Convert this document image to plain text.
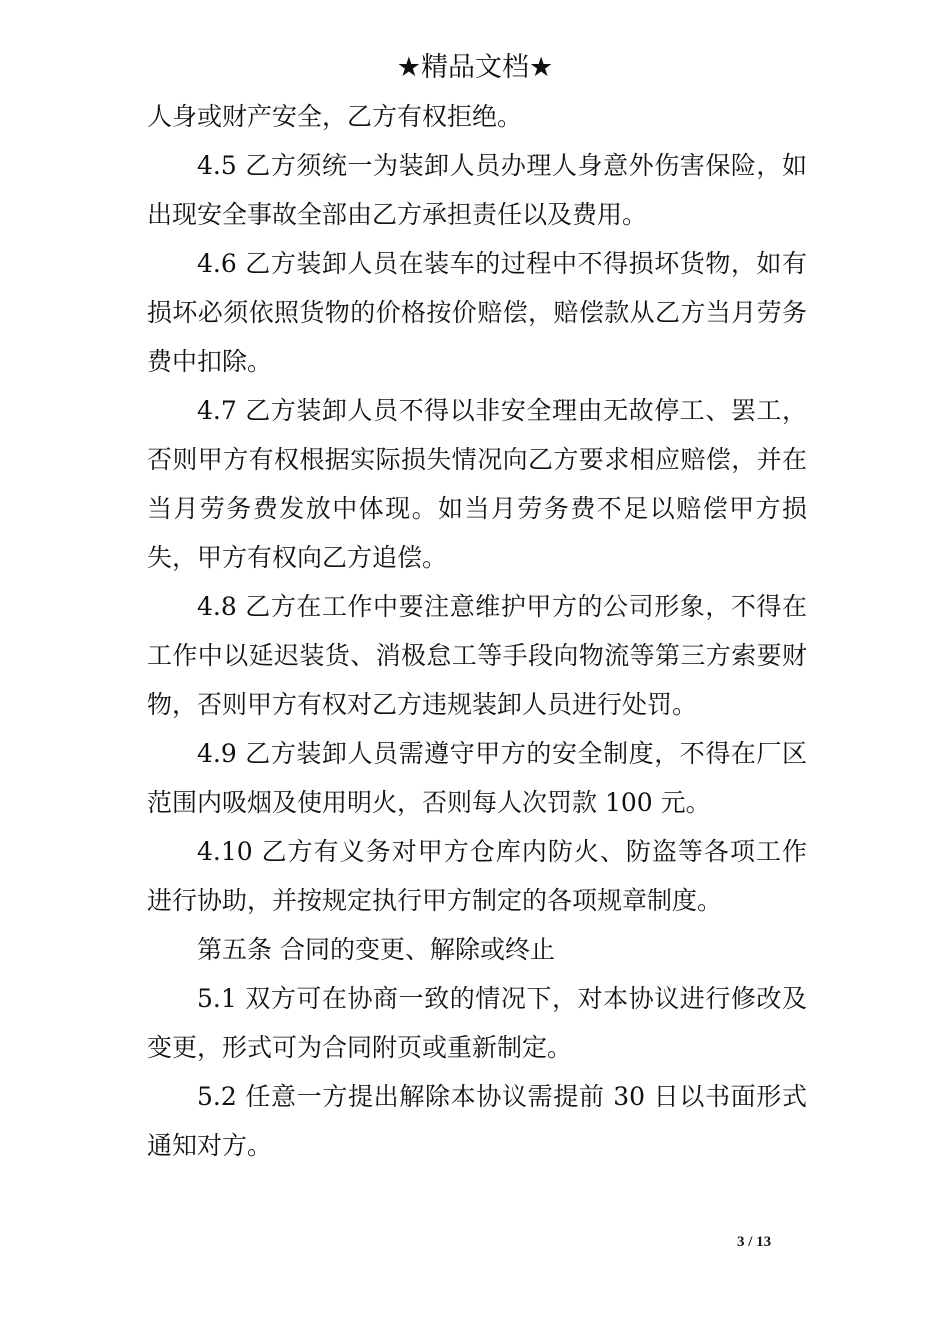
★精品文档★
人身或财产安全，乙方有权拒绝。
4.5 乙方须统一为装卸人员办理人身意外伤害保险，如出现安全事故全部由乙方承担责任以及费用。
4.6 乙方装卸人员在装车的过程中不得损坏货物，如有损坏必须依照货物的价格按价赔偿，赔偿款从乙方当月劳务费中扣除。
4.7 乙方装卸人员不得以非安全理由无故停工、罢工，否则甲方有权根据实际损失情况向乙方要求相应赔偿，并在当月劳务费发放中体现。如当月劳务费不足以赔偿甲方损失，甲方有权向乙方追偿。
4.8 乙方在工作中要注意维护甲方的公司形象，不得在工作中以延迟装货、消极怠工等手段向物流等第三方索要财物，否则甲方有权对乙方违规装卸人员进行处罚。
4.9 乙方装卸人员需遵守甲方的安全制度，不得在厂区范围内吸烟及使用明火，否则每人次罚款 100 元。
4.10 乙方有义务对甲方仓库内防火、防盗等各项工作进行协助，并按规定执行甲方制定的各项规章制度。
第五条 合同的变更、解除或终止
5.1 双方可在协商一致的情况下，对本协议进行修改及变更，形式可为合同附页或重新制定。
5.2 任意一方提出解除本协议需提前 30 日以书面形式通知对方。
3 / 13
